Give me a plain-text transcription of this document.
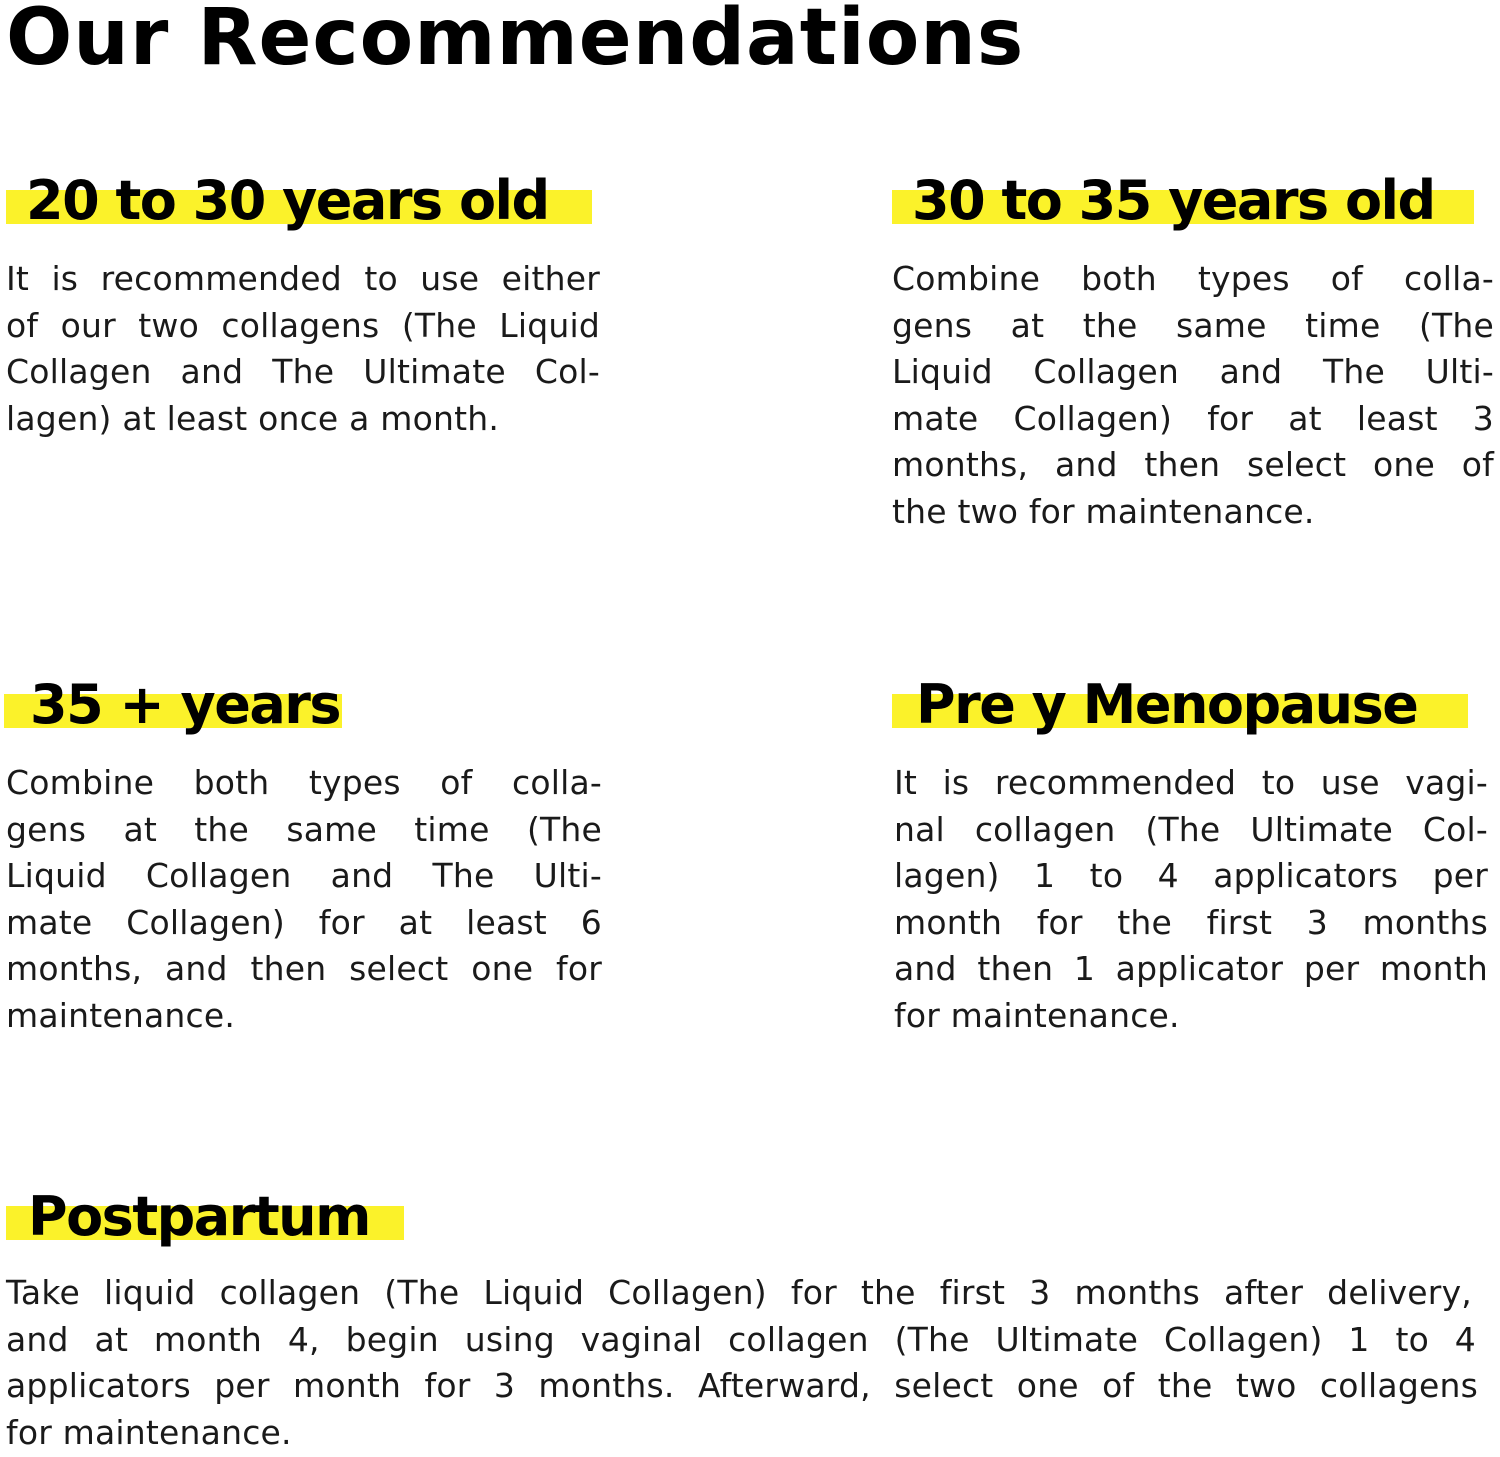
Our Recommendations
20 to 30 years old
It is recommended to use either
of our two collagens (The Liquid
Collagen and The Ultimate Col-
lagen) at least once a month.
30 to 35 years old
Combine both types of colla-
gens at the same time (The
Liquid Collagen and The Ulti-
mate Collagen) for at least 3
months, and then select one of
the two for maintenance.
35 + years
Combine both types of colla-
gens at the same time (The
Liquid Collagen and The Ulti-
mate Collagen) for at least 6
months, and then select one for
maintenance.
Pre y Menopause
It is recommended to use vagi-
nal collagen (The Ultimate Col-
lagen) 1 to 4 applicators per
month for the first 3 months
and then 1 applicator per month
for maintenance.
Postpartum
Take liquid collagen (The Liquid Collagen) for the first 3 months after delivery,
and at month 4, begin using vaginal collagen (The Ultimate Collagen) 1 to 4
applicators per month for 3 months. Afterward, select one of the two collagens
for maintenance.
